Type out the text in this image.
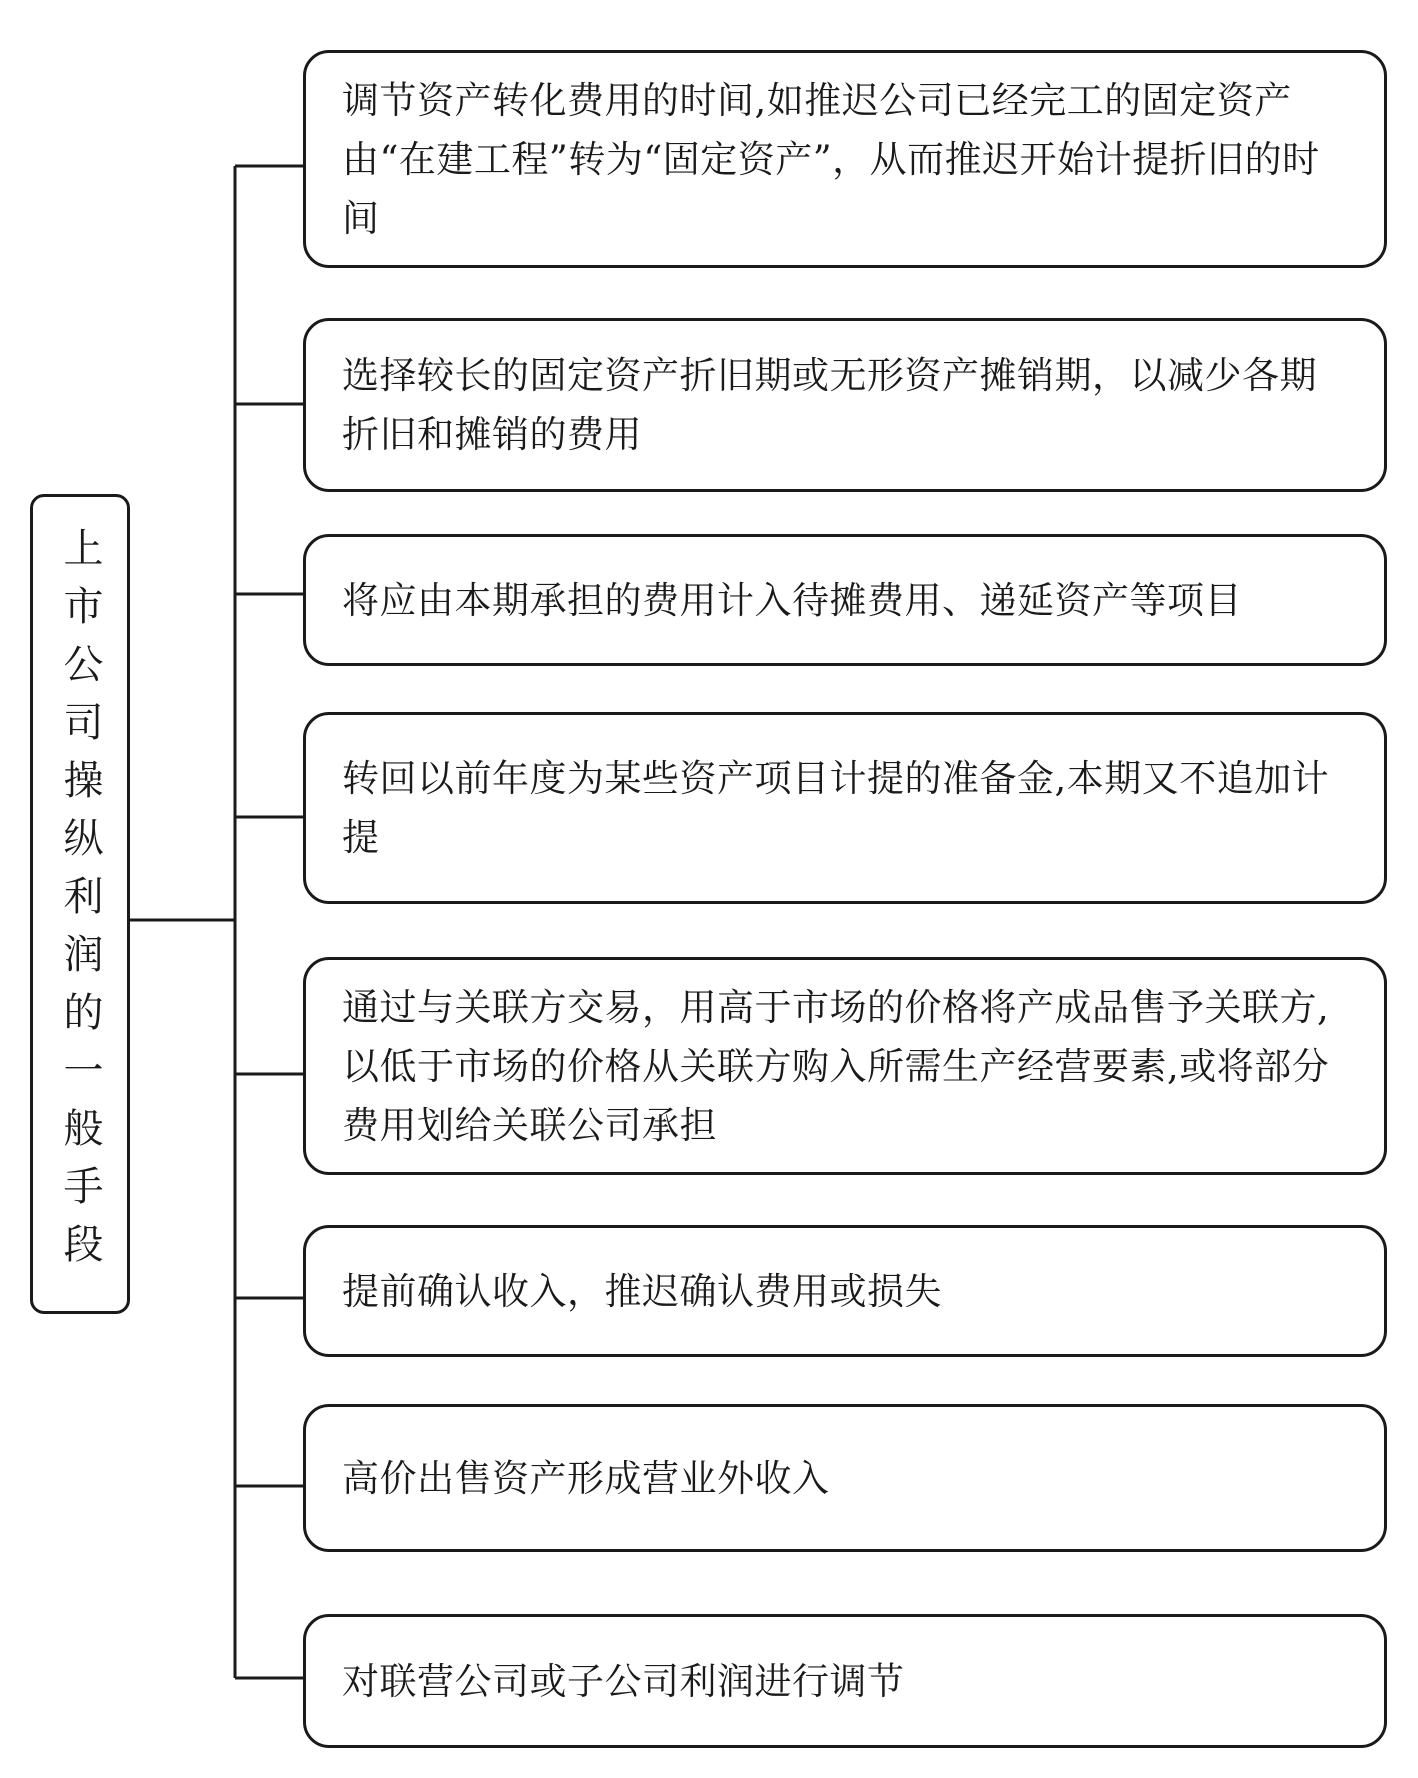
上市公司操纵利润的一般手段
调节资产转化费用的时间,如推迟公司已经完工的固定资产由“在建工程”转为“固定资产”，从而推迟开始计提折旧的时间
选择较长的固定资产折旧期或无形资产摊销期，以减少各期折旧和摊销的费用
将应由本期承担的费用计入待摊费用、递延资产等项目
转回以前年度为某些资产项目计提的准备金,本期又不追加计提
通过与关联方交易，用高于市场的价格将产成品售予关联方,以低于市场的价格从关联方购入所需生产经营要素,或将部分费用划给关联公司承担
提前确认收入，推迟确认费用或损失
高价出售资产形成营业外收入
对联营公司或子公司利润进行调节
